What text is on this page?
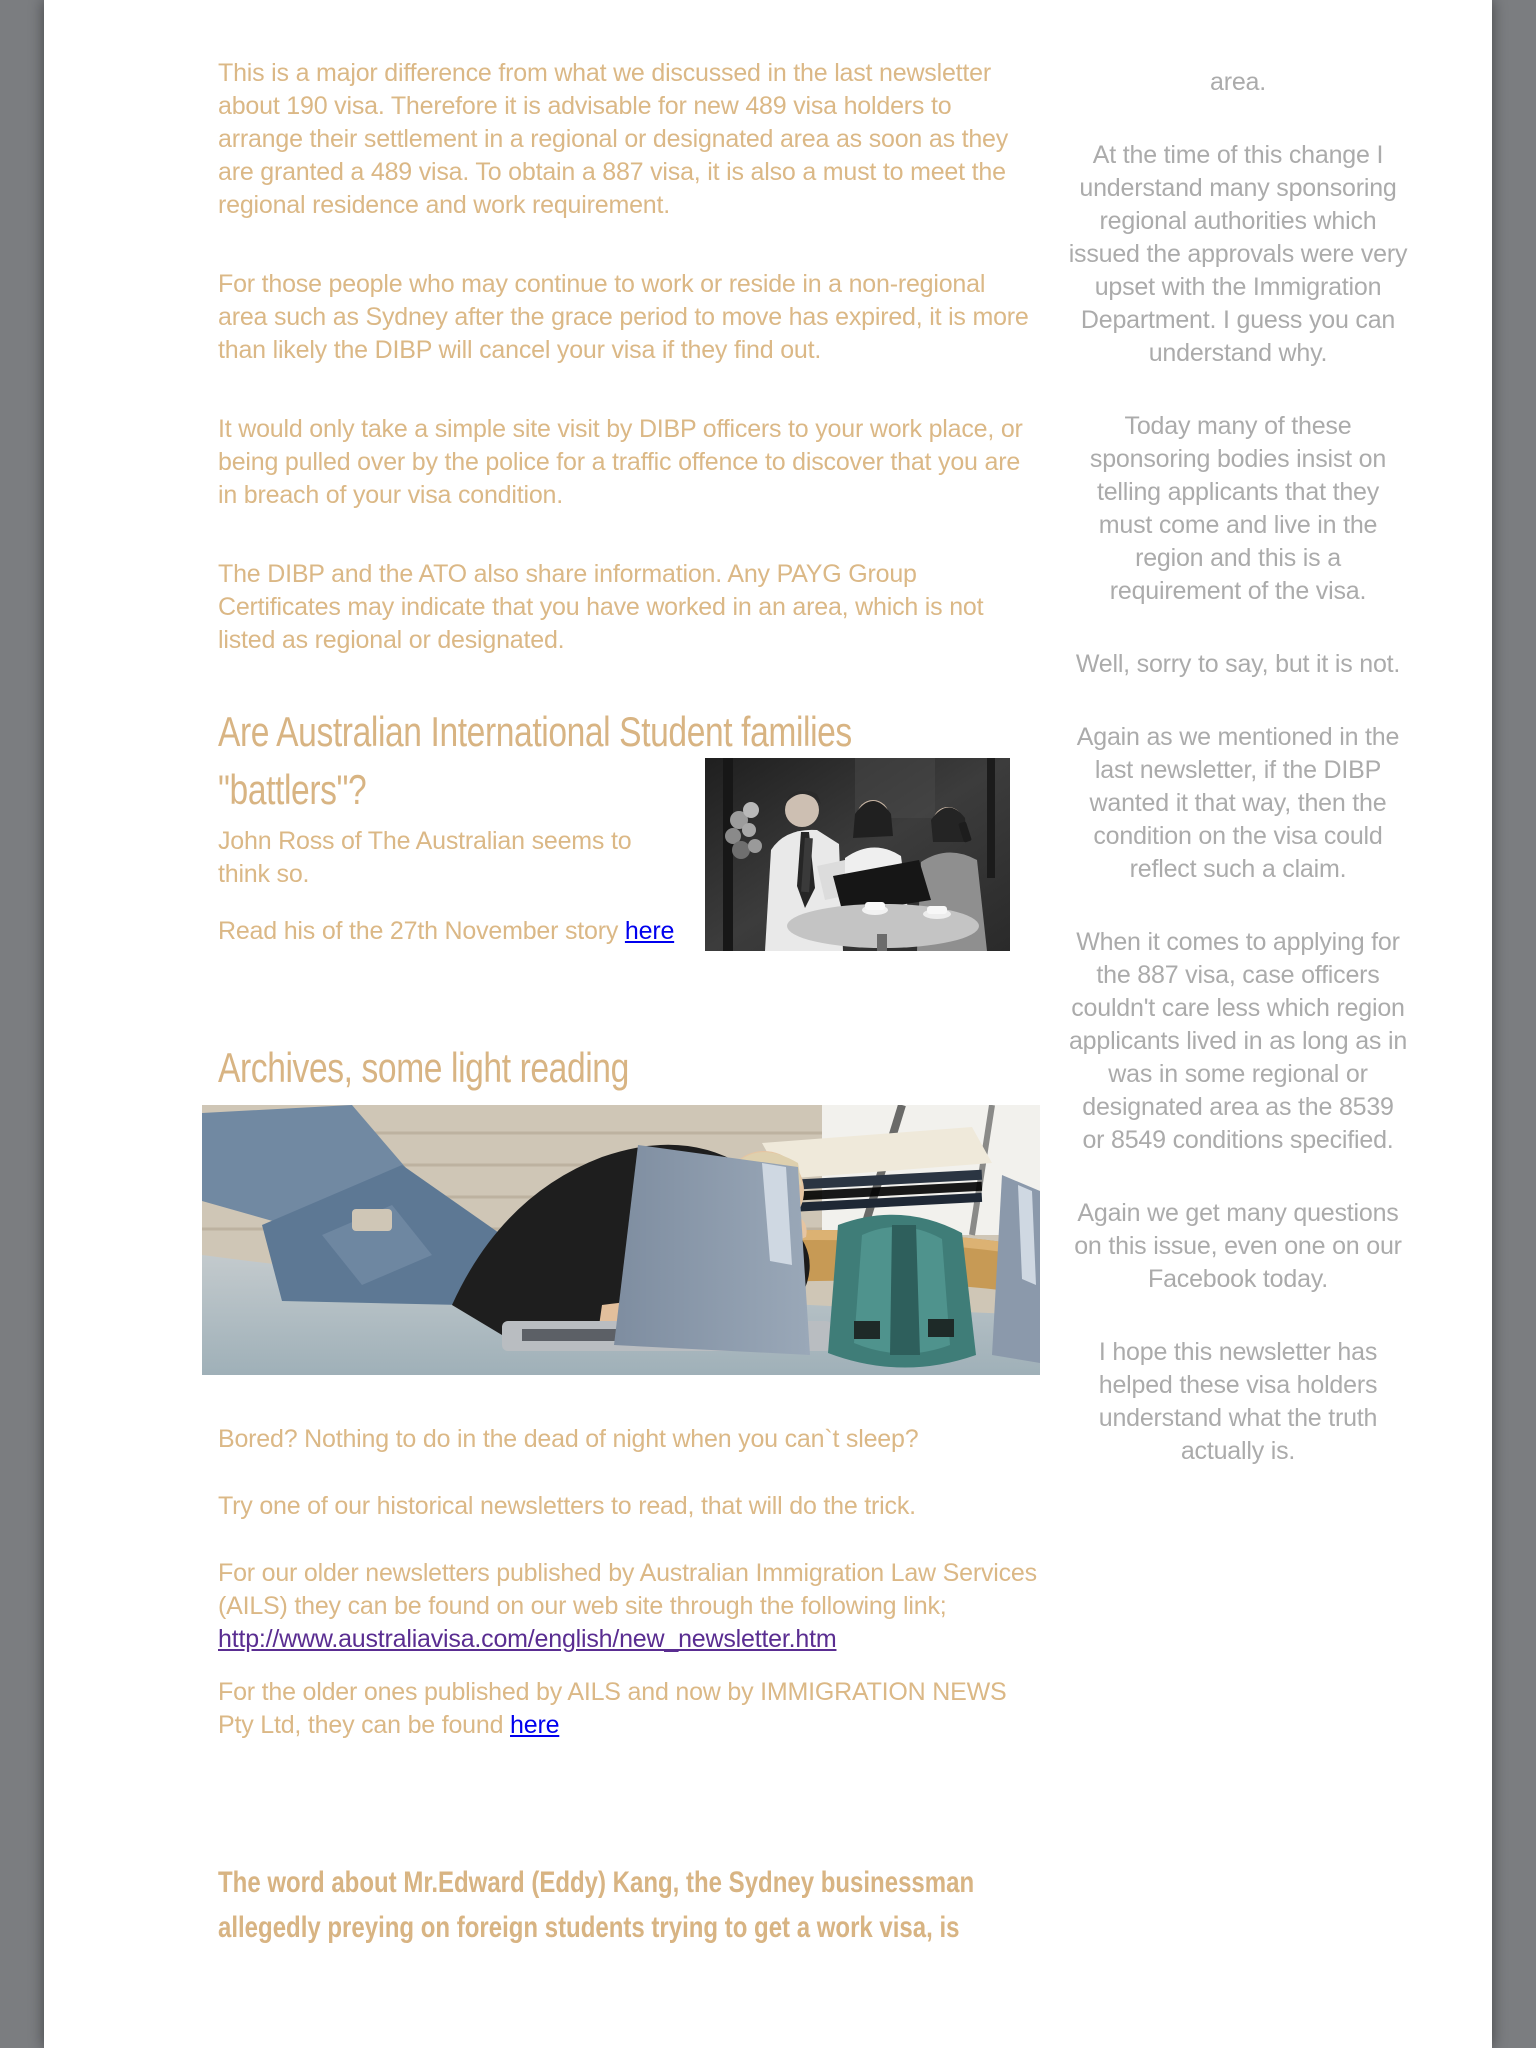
This is a major difference from what we discussed in the last newsletter about 190 visa. Therefore it is advisable for new 489 visa holders to arrange their settlement in a regional or designated area as soon as they are granted a 489 visa. To obtain a 887 visa, it is also a must to meet the regional residence and work requirement.

For those people who may continue to work or reside in a non-regional area such as Sydney after the grace period to move has expired, it is more than likely the DIBP will cancel your visa if they find out.

It would only take a simple site visit by DIBP officers to your work place, or being pulled over by the police for a traffic offence to discover that you are in breach of your visa condition.

The DIBP and the ATO also share information. Any PAYG Group Certificates may indicate that you have worked in an area, which is not listed as regional or designated.

Are Australian International Student families
"battlers"?

John Ross of The Australian seems to think so.

Read his of the 27th November story here

Archives, some light reading

Bored? Nothing to do in the dead of night when you can`t sleep?

Try one of our historical newsletters to read, that will do the trick.

For our older newsletters published by Australian Immigration Law Services (AILS) they can be found on our web site through the following link; http://www.australiavisa.com/english/new_newsletter.htm

For the older ones published by AILS and now by IMMIGRATION NEWS Pty Ltd, they can be found here

The word about Mr.Edward (Eddy) Kang, the Sydney businessman
allegedly preying on foreign students trying to get a work visa, is

area.

At the time of this change I understand many sponsoring regional authorities which issued the approvals were very upset with the Immigration Department. I guess you can understand why.

Today many of these sponsoring bodies insist on telling applicants that they must come and live in the region and this is a requirement of the visa.

Well, sorry to say, but it is not.

Again as we mentioned in the last newsletter, if the DIBP wanted it that way, then the condition on the visa could reflect such a claim.

When it comes to applying for the 887 visa, case officers couldn't care less which region applicants lived in as long as in was in some regional or designated area as the 8539 or 8549 conditions specified.

Again we get many questions on this issue, even one on our Facebook today.

I hope this newsletter has helped these visa holders understand what the truth actually is.
